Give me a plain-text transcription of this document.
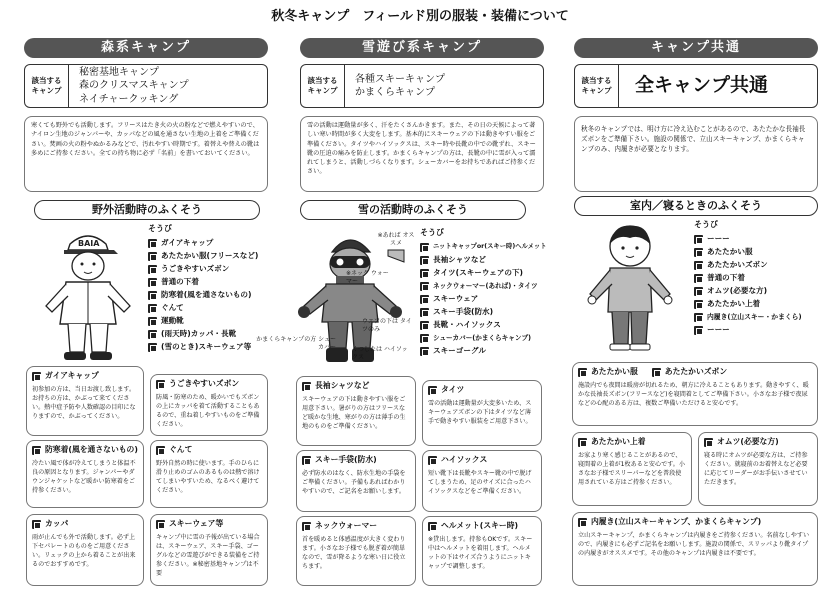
秋冬キャンプ　フィールド別の服装・装備について
森系キャンプ
該当する
キャンプ
秘密基地キャンプ
森のクリスマスキャンプ
ネイチャークッキング
寒くても野外でも活動します。フリースはたき火の火の粉などで燃えやすいので、ナイロン生地のジャンパーや、カッパなどの風を通さない生地の上着をご準備ください。焚画の火の粉やぬかるみなどで、汚れやすい時期です。着替えや替えの靴は多めにご持参ください。全ての持ち物に必ず「名前」を書いておいてください。
野外活動時のふくそう
BAIA
そうび
ガイアキャップ
あたたかい服(フリースなど)
うごきやすいズボン
普通の下着
防寒着(風を通さないもの)
ぐんて
運動靴
(雨天時)カッパ・長靴
(雪のとき)スキーウェア等
ガイアキャップ
初参加の方は、当日お渡し致します。お持ちの方は、かぶって来てください。熱中症予防や人数確認の目印になりますので、かぶってください。
うごきやすいズボン
防風・防寒のため、暖かいでもズボンの上にカッパを着て活動することもあるので、重ね着しやすいものをご準備ください。
防寒着(風を通さないもの)
冷たい風で体が冷えてしまうと体温不良の原因となります。ジャンパーやダウンジャケットなど暖かい防寒着をご持参ください。
ぐんて
野外自然の時に使います。手のひらに滑り止めのゴムのあるものは熱で溶けてしまいやすいため、なるべく避けてください。
カッパ
雨が止んでも外で活動します。必ず上下セパレートのものをご用意ください。リュックの上から着ることが出来るのでおすすめです。
スキーウェア等
キャンプ中に雪の予報が出ている場合は、スキーウェア、スキー手袋、ゴーグルなどの雪遊びができる装備をご持参ください。※秘密基地キャンプは不要
雪遊び系キャンプ
該当する
キャンプ
各種スキーキャンプ
かまくらキャンプ
雪の活動は運動量が多く、汗をたくさんかきます。また、その日の天候によって著しい寒い時間が多く大変をします。基本的にスキーウェアの下は動きやすい服をご準備ください。タイツやハイソックスは、スキー時や長靴の中での靴ずれ、スキー靴の圧迫の痛みを防止します。かまくらキャンプの方は、長靴の中に雪が入って濡れてしまうと、活動しづらくなります。シューカバーをお持ちであればご持参ください。
雪の活動時のふくそう
※あれば オススメ
※ネック ウォーマー
ウエアの下は タイツのみ
かまくらキャンプの方 シューカバー	くつしたは ハイソックス
そうび
ニットキャップor(スキー時)ヘルメット
長袖シャツなど
タイツ(スキーウェアの下)
ネックウォーマー(あれば)・タイツ
スキーウェア
スキー手袋(防水)
長靴・ハイソックス
シューカバー(かまくらキャンプ)
スキーゴーグル
長袖シャツなど
スキーウェアの下は動きやすい服をご用意下さい。暑がりの方はフリースなど暖かな生地、寒がりの方は薄手の生地のものをご準備ください。
タイツ
雪の活動は運動量が大変多いため、スキーウェアズボンの下はタイツなど薄手で動きやすい服装をご用意下さい。
スキー手袋(防水)
必ず防水のはなく、防水生地の手袋をご準備ください。予備もあればわかりやすいので、ご記名をお願いします。
ハイソックス
短い靴下は長靴やスキー靴の中で脱げてしまうため、足のサイズに合ったハイソックスなどをご準備ください。
ネックウォーマー
首を暖めると体感温度が大きく変わります。小さなお子様でも脱ぎ着が簡単なので、雪が降るような寒い日に役立ちます。
ヘルメット(スキー時)
※貸出します。持参もOKです。スキー中はヘルメットを着用します。ヘルメットの下はサイズ合うようにニットキャップで調整します。
キャンプ共通
該当する
キャンプ	全キャンプ共通
秋冬のキャンプでは、明け方に冷え込むことがあるので、あたたかな長袖長ズボンをご準備下さい。施設の関係で、立山スキーキャンプ、かまくらキャンプのみ、内履きが必要となります。
室内／寝るときのふくそう
そうび
ーーー
あたたかい服
あたたかいズボン
普通の下着
オムツ(必要な方)
あたたかい上着
内履き(立山スキー・かまくら)
ーーー
あたたかい服	あたたかいズボン
施設内でも夜間は暖房が切れるため、朝方に冷えることもあります。動きやすく、暖かな長袖長ズボン(フリースなど)を寝間着としてご準備下さい。小さなお子様で夜尿などの心配のある方は、複数ご準備いただけると安心です。
あたたかい上着
お家より寒く感じることがあるので、寝間着の上着が1枚あると安心です。小さなお子様でスリーパーなどを普段使用されている方はご持参ください。
オムツ(必要な方)
寝る時にオムツが必要な方は、ご持参ください。就寝前のお着替えなど必要に応じてリーダーがお手伝いさせていただきます。
内履き(立山スキーキャンプ、かまくらキャンプ)
立山スキーキャンプ、かまくらキャンプは内履きをご持参ください。名前なしやすいので、内履きにも必ずご記名をお願いします。施設の関係で、スリッパより靴タイプの内履きがオススメです。その他のキャンプは内履きは不要です。
